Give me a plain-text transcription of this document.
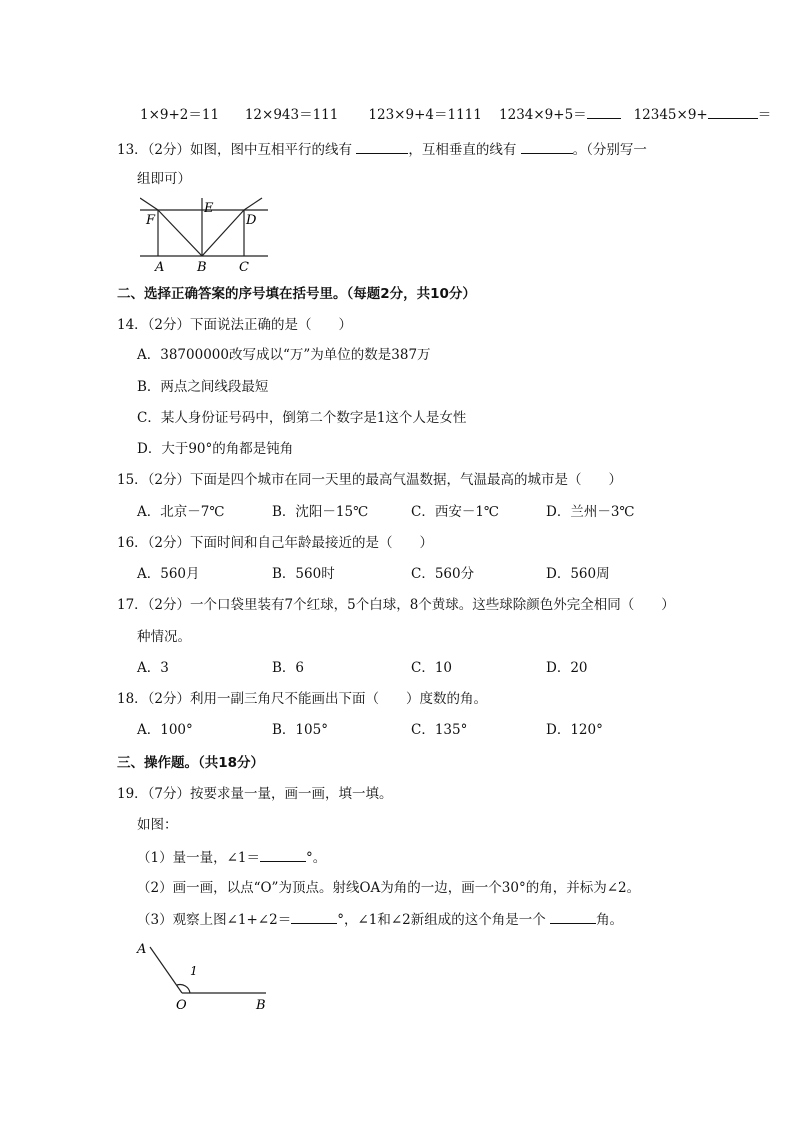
1×9+2＝11 12×943＝111 123×9+4＝1111 1234×9+5＝	12345×9+	＝
13．（2分）如图，图中互相平行的线有	，互相垂直的线有	。（分别写一
组即可）
F
E
D
A	B C
二、选择正确答案的序号填在括号里。（每题2分，共10分）
14．（2分）下面说法正确的是（　　）
A．38700000改写成以“万”为单位的数是387万
B．两点之间线段最短
C．某人身份证号码中，倒第二个数字是1这个人是女性
D．大于90°的角都是钝角
15．（2分）下面是四个城市在同一天里的最高气温数据，气温最高的城市是（　　）
A．北京－7℃	B．沈阳－15℃	C．西安－1℃	D．兰州－3℃
16．（2分）下面时间和自己年龄最接近的是（　　）
A．560月	B．560时	C．560分	D．560周
17．（2分）一个口袋里装有7个红球，5个白球，8个黄球。这些球除颜色外完全相同（　　）
种情况。
A．3	B．6	C．10	D．20
18．（2分）利用一副三角尺不能画出下面（　　）度数的角。
A．100°	B．105°	C．135°	D．120°
三、操作题。（共18分）
19．（7分）按要求量一量，画一画，填一填。
如图：
（1）量一量，∠1＝	°。
（2）画一画，以点“O”为顶点。射线OA为角的一边，画一个30°的角，并标为∠2。
（3）观察上图∠1+∠2＝	°，∠1和∠2新组成的这个角是一个	角。
A
1
O	B
